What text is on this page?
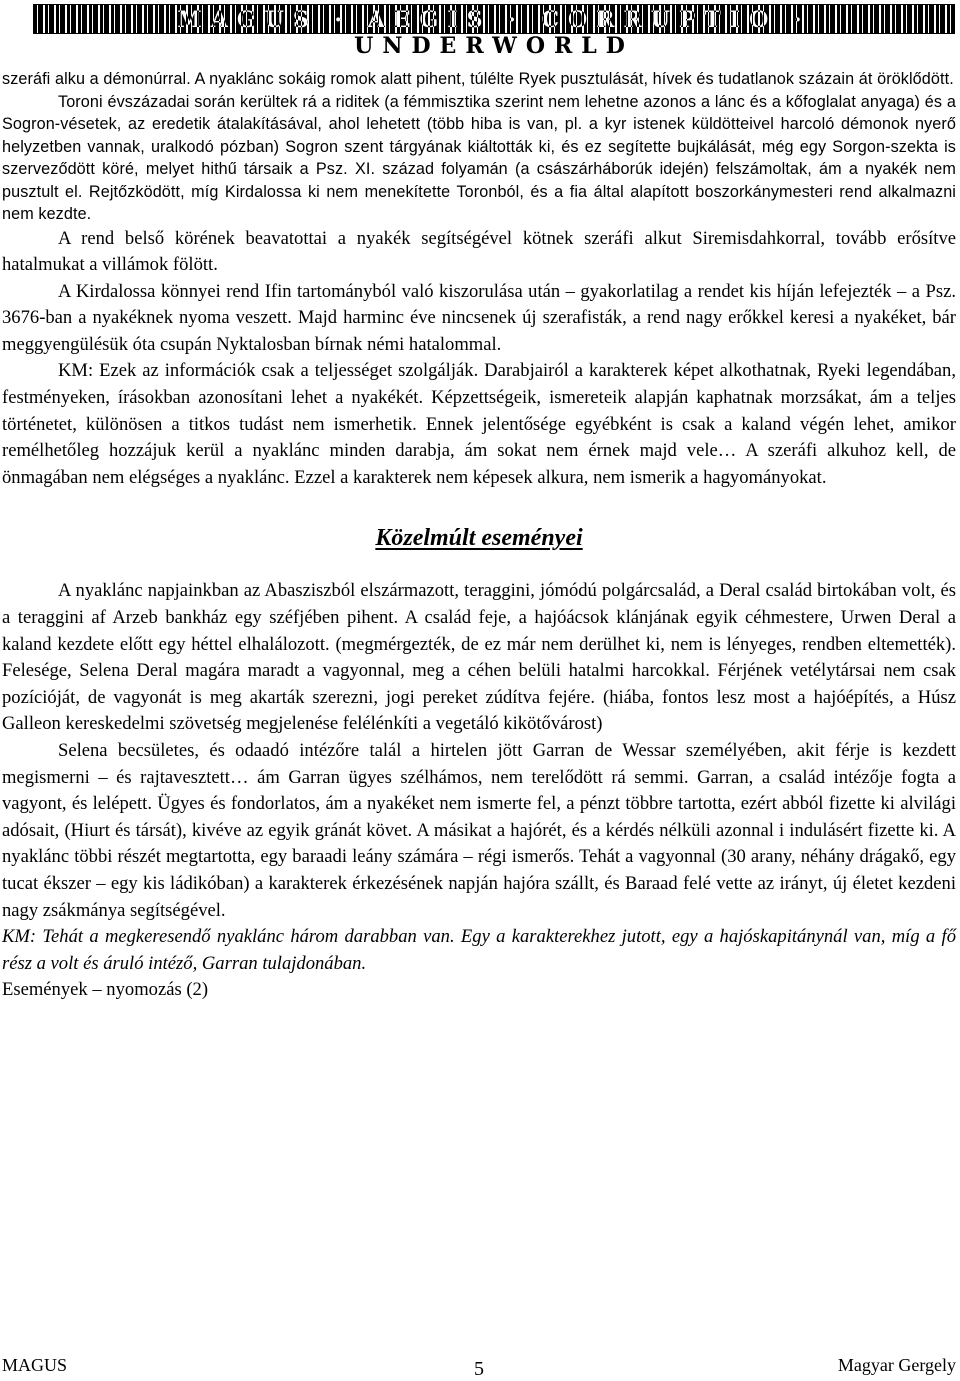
MAGUS · AEGIS · CORRUPTIO · UNDERWORLD

szeráfi alku a démonúrral. A nyaklánc sokáig romok alatt pihent, túlélte Ryek pusztulását, hívek és tudatlanok százain át öröklődött.

Toroni évszázadai során kerültek rá a riditek (a fémmisztika szerint nem lehetne azonos a lánc és a kőfoglalat anyaga) és a Sogron-vésetek, az eredetik átalakításával, ahol lehetett (több hiba is van, pl. a kyr istenek küldötteivel harcoló démonok nyerő helyzetben vannak, uralkodó pózban) Sogron szent tárgyának kiáltották ki, és ez segítette bujkálását, még egy Sorgon-szekta is szerveződött köré, melyet hithű társaik a Psz. XI. század folyamán (a császárháborúk idején) felszámoltak, ám a nyakék nem pusztult el. Rejtőzködött, míg Kirdalossa ki nem menekítette Toronból, és a fia által alapított boszorkánymesteri rend alkalmazni nem kezdte.

A rend belső körének beavatottai a nyakék segítségével kötnek szeráfi alkut Siremisdahkorral, tovább erősítve hatalmukat a villámok fölött.

A Kirdalossa könnyei rend Ifin tartományból való kiszorulása után – gyakorlatilag a rendet kis híján lefejezték – a Psz. 3676-ban a nyakéknek nyoma veszett. Majd harminc éve nincsenek új szerafisták, a rend nagy erőkkel keresi a nyakéket, bár meggyengülésük óta csupán Nyktalosban bírnak némi hatalommal.

KM: Ezek az információk csak a teljességet szolgálják. Darabjairól a karakterek képet alkothatnak, Ryeki legendában, festményeken, írásokban azonosítani lehet a nyakékét. Képzettségeik, ismereteik alapján kaphatnak morzsákat, ám a teljes történetet, különösen a titkos tudást nem ismerhetik. Ennek jelentősége egyébként is csak a kaland végén lehet, amikor remélhetőleg hozzájuk kerül a nyaklánc minden darabja, ám sokat nem érnek majd vele… A szeráfi alkuhoz kell, de önmagában nem elégséges a nyaklánc. Ezzel a karakterek nem képesek alkura, nem ismerik a hagyományokat.

Közelmúlt eseményei

A nyaklánc napjainkban az Abasziszból elszármazott, teraggini, jómódú polgárcsalád, a Deral család birtokában volt, és a teraggini af Arzeb bankház egy széfjében pihent. A család feje, a hajóácsok klánjának egyik céhmestere, Urwen Deral a kaland kezdete előtt egy héttel elhalálozott. (megmérgezték, de ez már nem derülhet ki, nem is lényeges, rendben eltemették). Felesége, Selena Deral magára maradt a vagyonnal, meg a céhen belüli hatalmi harcokkal. Férjének vetélytársai nem csak pozícióját, de vagyonát is meg akarták szerezni, jogi pereket zúdítva fejére. (hiába, fontos lesz most a hajóépítés, a Húsz Galleon kereskedelmi szövetség megjelenése felélénkíti a vegetáló kikötővárost)

Selena becsületes, és odaadó intézőre talál a hirtelen jött Garran de Wessar személyében, akit férje is kezdett megismerni – és rajtavesztett… ám Garran ügyes szélhámos, nem terelődött rá semmi. Garran, a család intézője fogta a vagyont, és lelépett. Ügyes és fondorlatos, ám a nyakéket nem ismerte fel, a pénzt többre tartotta, ezért abból fizette ki alvilági adósait, (Hiurt és társát), kivéve az egyik gránát követ. A másikat a hajórét, és a kérdés nélküli azonnal i indulásért fizette ki. A nyaklánc többi részét megtartotta, egy baraadi leány számára – régi ismerős. Tehát a vagyonnal (30 arany, néhány drágakő, egy tucat ékszer – egy kis ládikóban) a karakterek érkezésének napján hajóra szállt, és Baraad felé vette az irányt, új életet kezdeni nagy zsákmánya segítségével.

KM: Tehát a megkeresendő nyaklánc három darabban van. Egy a karakterekhez jutott, egy a hajóskapitánynál van, míg a fő rész a volt és áruló intéző, Garran tulajdonában.

Események – nyomozás (2)

MAGUS	5	Magyar Gergely
